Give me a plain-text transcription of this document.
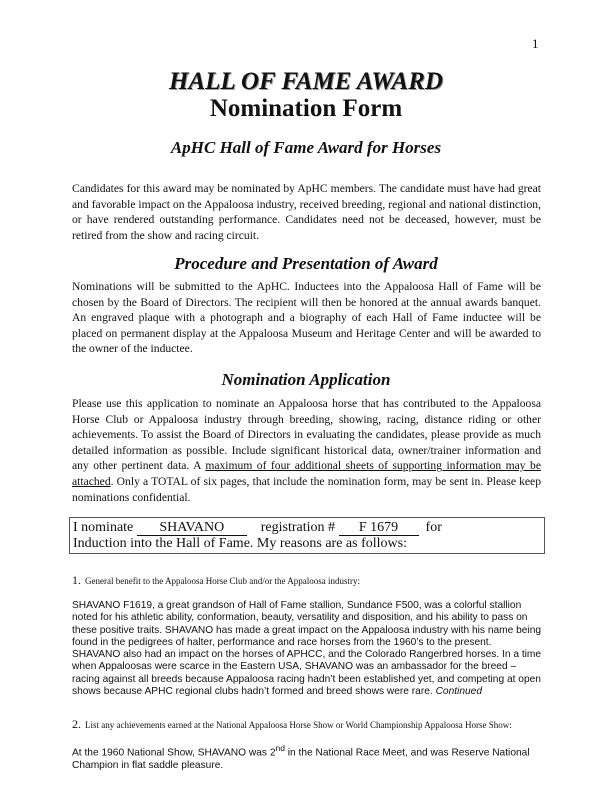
1
HALL OF FAME AWARD
Nomination Form
ApHC Hall of Fame Award for Horses

Candidates for this award may be nominated by ApHC members. The candidate must have had great and favorable impact on the Appaloosa industry, received breeding, regional and national distinction, or have rendered outstanding performance. Candidates need not be deceased, however, must be retired from the show and racing circuit.

Procedure and Presentation of Award

Nominations will be submitted to the ApHC. Inductees into the Appaloosa Hall of Fame will be chosen by the Board of Directors. The recipient will then be honored at the annual awards banquet. An engraved plaque with a photograph and a biography of each Hall of Fame inductee will be placed on permanent display at the Appaloosa Museum and Heritage Center and will be awarded to the owner of the inductee.

Nomination Application

Please use this application to nominate an Appaloosa horse that has contributed to the Appaloosa Horse Club or Appaloosa industry through breeding, showing, racing, distance riding or other achievements. To assist the Board of Directors in evaluating the candidates, please provide as much detailed information as possible. Include significant historical data, owner/trainer information and any other pertinent data. A maximum of four additional sheets of supporting information may be attached. Only a TOTAL of six pages, that include the nomination form, may be sent in. Please keep nominations confidential.

I nominate SHAVANO	registration # F 1679 for
Induction into the Hall of Fame. My reasons are as follows:
1. General benefit to the Appaloosa Horse Club and/or the Appaloosa industry:

SHAVANO F1619, a great grandson of Hall of Fame stallion, Sundance F500, was a colorful stallion noted for his athletic ability, conformation, beauty, versatility and disposition, and his ability to pass on these positive traits. SHAVANO has made a great impact on the Appaloosa industry with his name being found in the pedigrees of halter, performance and race horses from the 1960’s to the present. SHAVANO also had an impact on the horses of APHCC, and the Colorado Rangerbred horses. In a time when Appaloosas were scarce in the Eastern USA, SHAVANO was an ambassador for the breed – racing against all breeds because Appaloosa racing hadn’t been established yet, and competing at open shows because APHC regional clubs hadn’t formed and breed shows were rare. Continued

2. List any achievements earned at the National Appaloosa Horse Show or World Championship Appaloosa Horse Show:

At the 1960 National Show, SHAVANO was 2nd in the National Race Meet, and was Reserve National Champion in flat saddle pleasure.
